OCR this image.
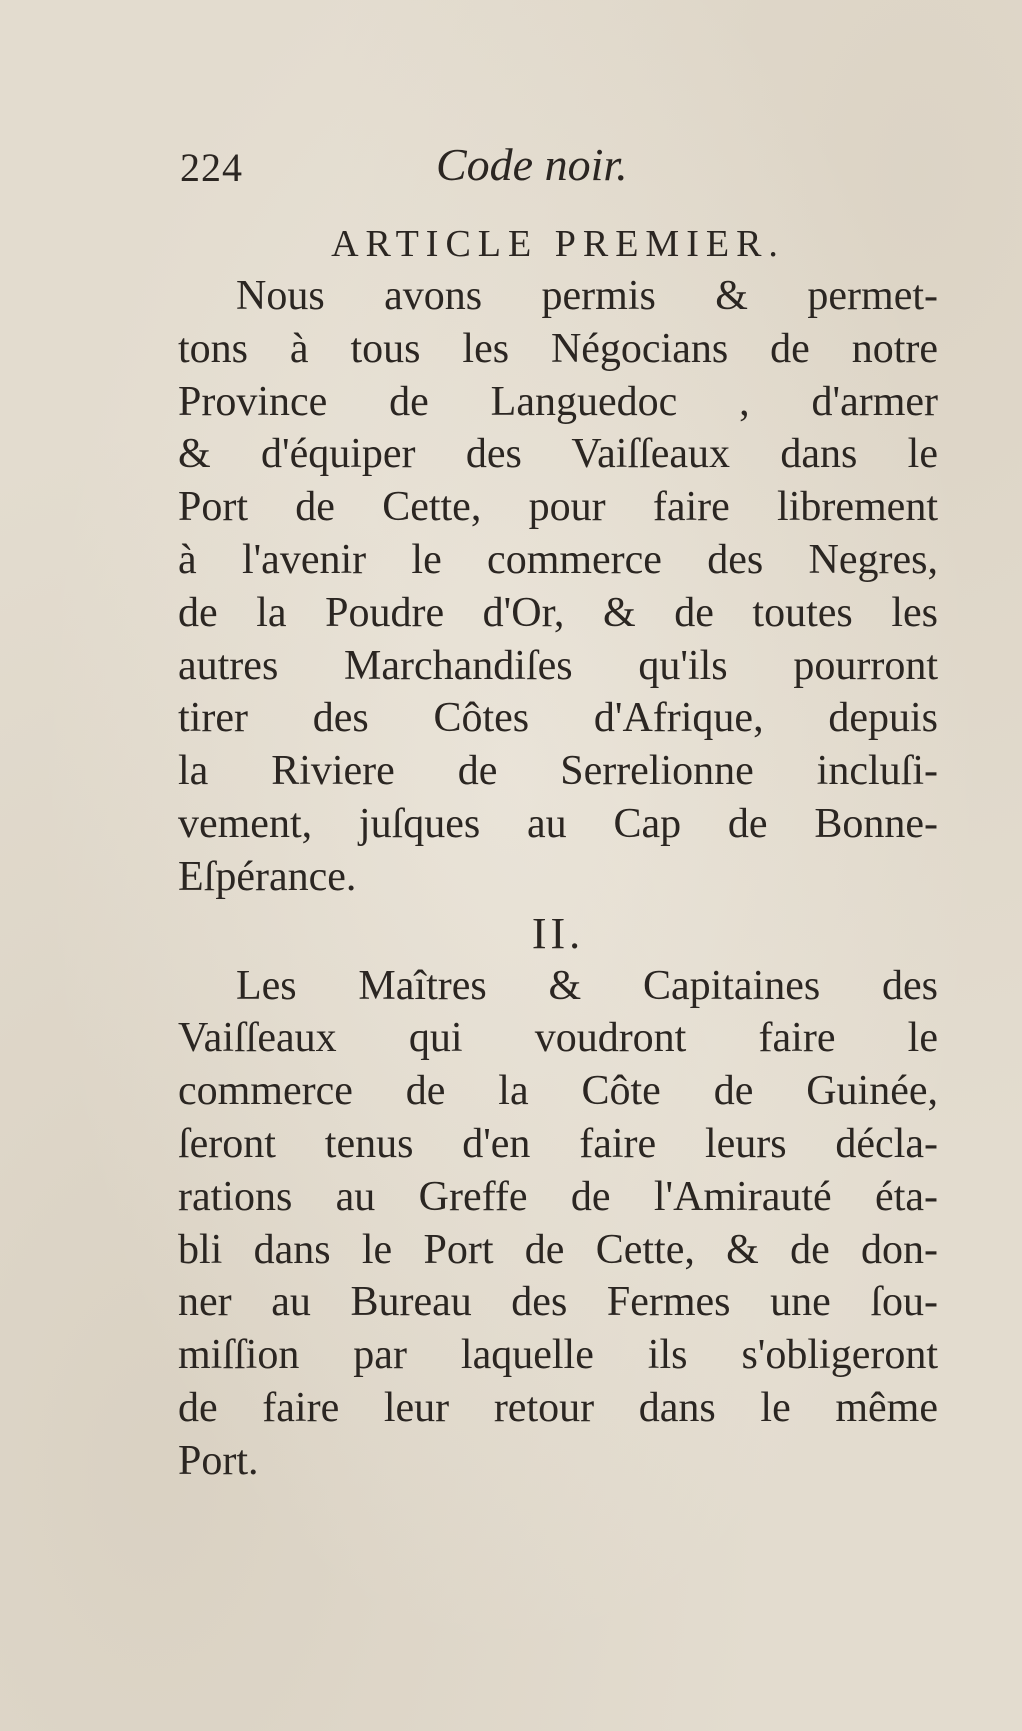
224	Code noir.
ARTICLE PREMIER.
Nous avons permis & permet-
tons à tous les Négocians de notre
Province de Languedoc , d'armer
& d'équiper des Vaiſſeaux dans le
Port de Cette, pour faire librement
à l'avenir le commerce des Negres,
de la Poudre d'Or, & de toutes les
autres Marchandiſes qu'ils pourront
tirer des Côtes d'Afrique, depuis
la Riviere de Serrelionne incluſi-
vement, juſques au Cap de Bonne-
Eſpérance.
II.
Les Maîtres & Capitaines des
Vaiſſeaux qui voudront faire le
commerce de la Côte de Guinée,
ſeront tenus d'en faire leurs décla-
rations au Greffe de l'Amirauté éta-
bli dans le Port de Cette, & de don-
ner au Bureau des Fermes une ſou-
miſſion par laquelle ils s'obligeront
de faire leur retour dans le même
Port.
